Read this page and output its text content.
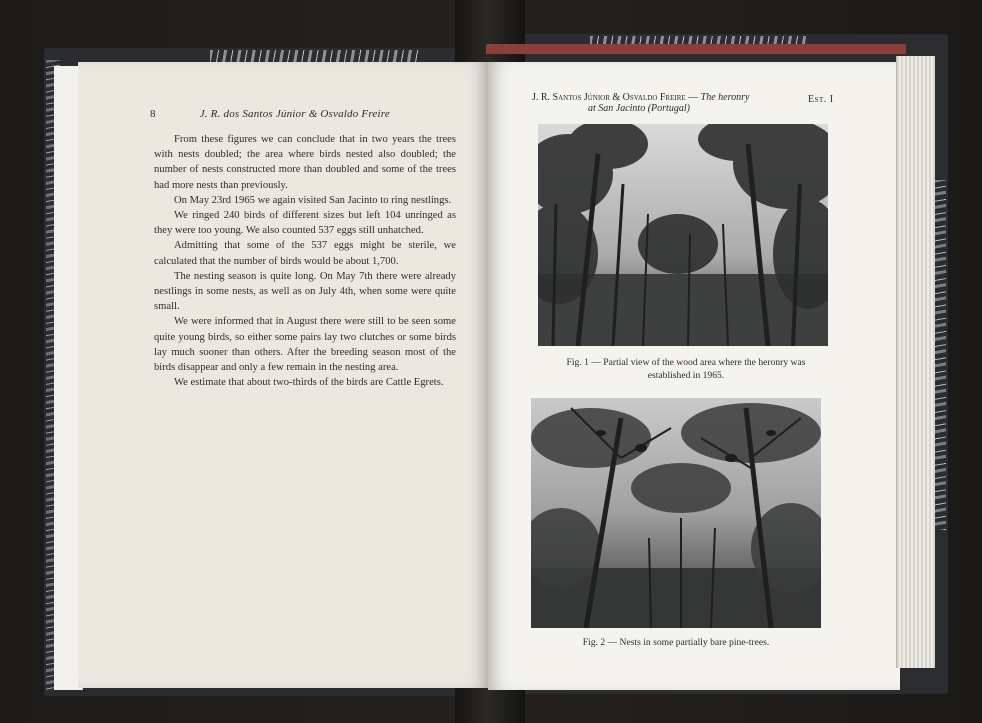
8	J. R. dos Santos Júnior & Osvaldo Freire

From these figures we can conclude that in two years the trees with nests doubled; the area where birds nested also doubled; the number of nests constructed more than doubled and some of the trees had more nests than previously.

On May 23rd 1965 we again visited San Jacinto to ring nestlings.

We ringed 240 birds of different sizes but left 104 unringed as they were too young. We also counted 537 eggs still unhatched.

Admitting that some of the 537 eggs might be sterile, we calculated that the number of birds would be about 1,700.

The nesting season is quite long. On May 7th there were already nestlings in some nests, as well as on July 4th, when some were quite small.

We were informed that in August there were still to be seen some quite young birds, so either some pairs lay two clutches or some birds lay much sooner than others. After the breeding season most of the birds disappear and only a few remain in the nesting area.

We estimate that about two-thirds of the birds are Cattle Egrets.

J. R. Santos Júnior & Osvaldo Freire — The heronry
at San Jacinto (Portugal)
Est. I
Fig. 1 — Partial view of the wood area where the heronry was established in 1965.
Fig. 2 — Nests in some partially bare pine-trees.
